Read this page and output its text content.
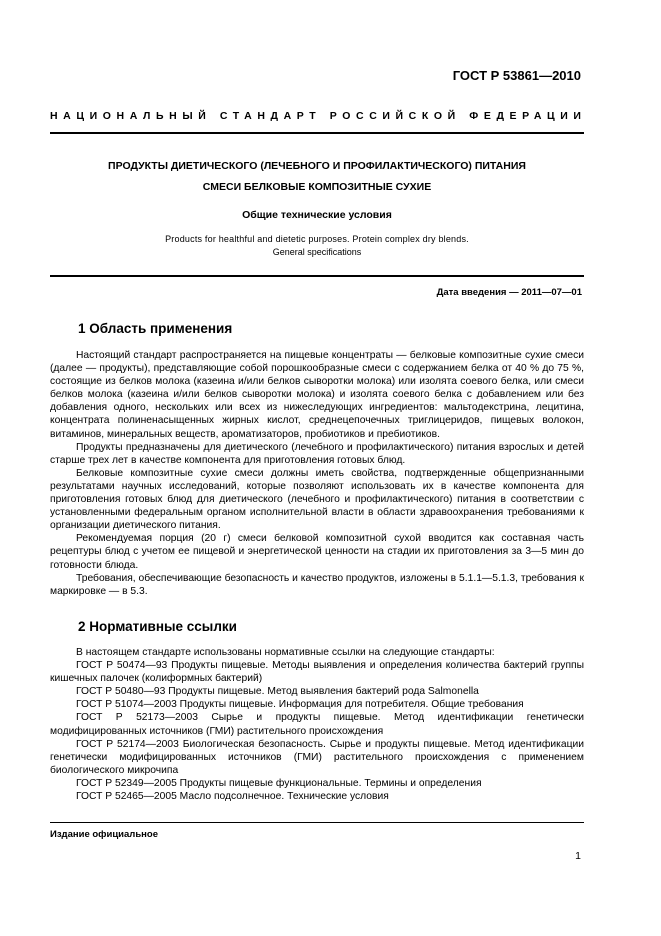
ГОСТ Р 53861—2010
НАЦИОНАЛЬНЫЙ СТАНДАРТ РОССИЙСКОЙ ФЕДЕРАЦИИ
ПРОДУКТЫ ДИЕТИЧЕСКОГО (ЛЕЧЕБНОГО И ПРОФИЛАКТИЧЕСКОГО) ПИТАНИЯ
СМЕСИ БЕЛКОВЫЕ КОМПОЗИТНЫЕ СУХИЕ
Общие технические условия
Products for healthful and dietetic purposes. Protein complex dry blends.
General specifications
Дата введения — 2011—07—01
1 Область применения

Настоящий стандарт распространяется на пищевые концентраты — белковые композитные сухие смеси (далее — продукты), представляющие собой порошкообразные смеси с содержанием белка от 40 % до 75 %, состоящие из белков молока (казеина и/или белков сыворотки молока) или изолята соевого белка, или смеси белков молока (казеина и/или белков сыворотки молока) и изолята соевого белка с добавлением или без добавления одного, нескольких или всех из нижеследующих ингредиентов: мальтодекстрина, лецитина, концентрата полиненасыщенных жирных кислот, среднецепочечных триглицеридов, пищевых волокон, витаминов, минеральных веществ, ароматизаторов, пробиотиков и пребиотиков.

Продукты предназначены для диетического (лечебного и профилактического) питания взрослых и детей старше трех лет в качестве компонента для приготовления готовых блюд.

Белковые композитные сухие смеси должны иметь свойства, подтвержденные общепризнанными результатами научных исследований, которые позволяют использовать их в качестве компонента для приготовления готовых блюд для диетического (лечебного и профилактического) питания в соответствии с установленными федеральным органом исполнительной власти в области здравоохранения требованиями к организации диетического питания.

Рекомендуемая порция (20 г) смеси белковой композитной сухой вводится как составная часть рецептуры блюд с учетом ее пищевой и энергетической ценности на стадии их приготовления за 3—5 мин до готовности блюда.

Требования, обеспечивающие безопасность и качество продуктов, изложены в 5.1.1—5.1.3, требования к маркировке — в 5.3.

2 Нормативные ссылки

В настоящем стандарте использованы нормативные ссылки на следующие стандарты:

ГОСТ Р 50474—93 Продукты пищевые. Методы выявления и определения количества бактерий группы кишечных палочек (колиформных бактерий)

ГОСТ Р 50480—93 Продукты пищевые. Метод выявления бактерий рода Salmonella

ГОСТ Р 51074—2003 Продукты пищевые. Информация для потребителя. Общие требования

ГОСТ Р 52173—2003 Сырье и продукты пищевые. Метод идентификации генетически модифицированных источников (ГМИ) растительного происхождения

ГОСТ Р 52174—2003 Биологическая безопасность. Сырье и продукты пищевые. Метод идентификации генетически модифицированных источников (ГМИ) растительного происхождения с применением биологического микрочипа

ГОСТ Р 52349—2005 Продукты пищевые функциональные. Термины и определения

ГОСТ Р 52465—2005 Масло подсолнечное. Технические условия

Издание официальное
1
